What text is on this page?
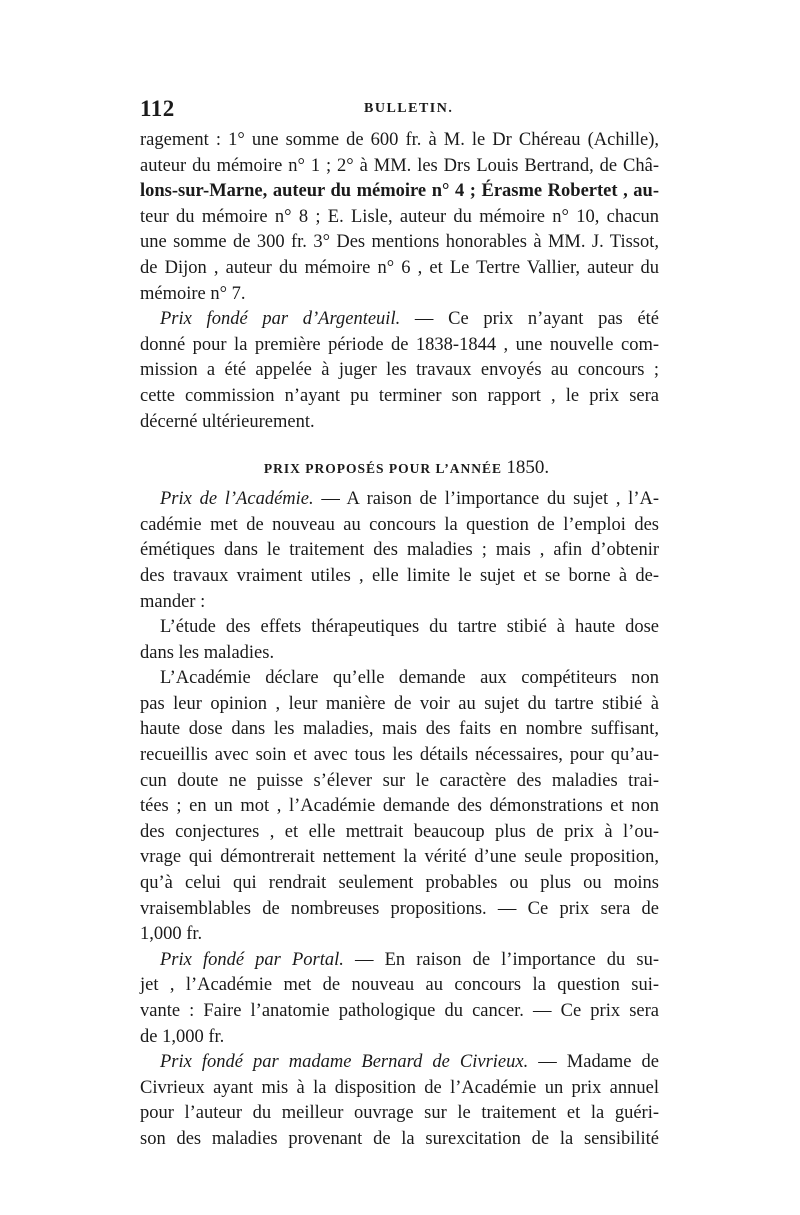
112	BULLETIN.
ragement : 1° une somme de 600 fr. à M. le Dr Chéreau (Achille),
auteur du mémoire n° 1 ; 2° à MM. les Drs Louis Bertrand, de Châ-
lons-sur-Marne, auteur du mémoire n° 4 ; Érasme Robertet , au-
teur du mémoire n° 8 ; E. Lisle, auteur du mémoire n° 10, chacun
une somme de 300 fr. 3° Des mentions honorables à MM. J. Tissot,
de Dijon , auteur du mémoire n° 6 , et Le Tertre Vallier, auteur du
mémoire n° 7.
Prix fondé par d’Argenteuil. — Ce prix n’ayant pas été
donné pour la première période de 1838-1844 , une nouvelle com-
mission a été appelée à juger les travaux envoyés au concours ;
cette commission n’ayant pu terminer son rapport , le prix sera
décerné ultérieurement.
PRIX PROPOSÉS POUR L’ANNÉE 1850.
Prix de l’Académie. — A raison de l’importance du sujet , l’A-
cadémie met de nouveau au concours la question de l’emploi des
émétiques dans le traitement des maladies ; mais , afin d’obtenir
des travaux vraiment utiles , elle limite le sujet et se borne à de-
mander :
L’étude des effets thérapeutiques du tartre stibié à haute dose
dans les maladies.
L’Académie déclare qu’elle demande aux compétiteurs non
pas leur opinion , leur manière de voir au sujet du tartre stibié à
haute dose dans les maladies, mais des faits en nombre suffisant,
recueillis avec soin et avec tous les détails nécessaires, pour qu’au-
cun doute ne puisse s’élever sur le caractère des maladies trai-
tées ; en un mot , l’Académie demande des démonstrations et non
des conjectures , et elle mettrait beaucoup plus de prix à l’ou-
vrage qui démontrerait nettement la vérité d’une seule proposition,
qu’à celui qui rendrait seulement probables ou plus ou moins
vraisemblables de nombreuses propositions. — Ce prix sera de
1,000 fr.
Prix fondé par Portal. — En raison de l’importance du su-
jet , l’Académie met de nouveau au concours la question sui-
vante : Faire l’anatomie pathologique du cancer. — Ce prix sera
de 1,000 fr.
Prix fondé par madame Bernard de Civrieux. — Madame de
Civrieux ayant mis à la disposition de l’Académie un prix annuel
pour l’auteur du meilleur ouvrage sur le traitement et la guéri-
son des maladies provenant de la surexcitation de la sensibilité
